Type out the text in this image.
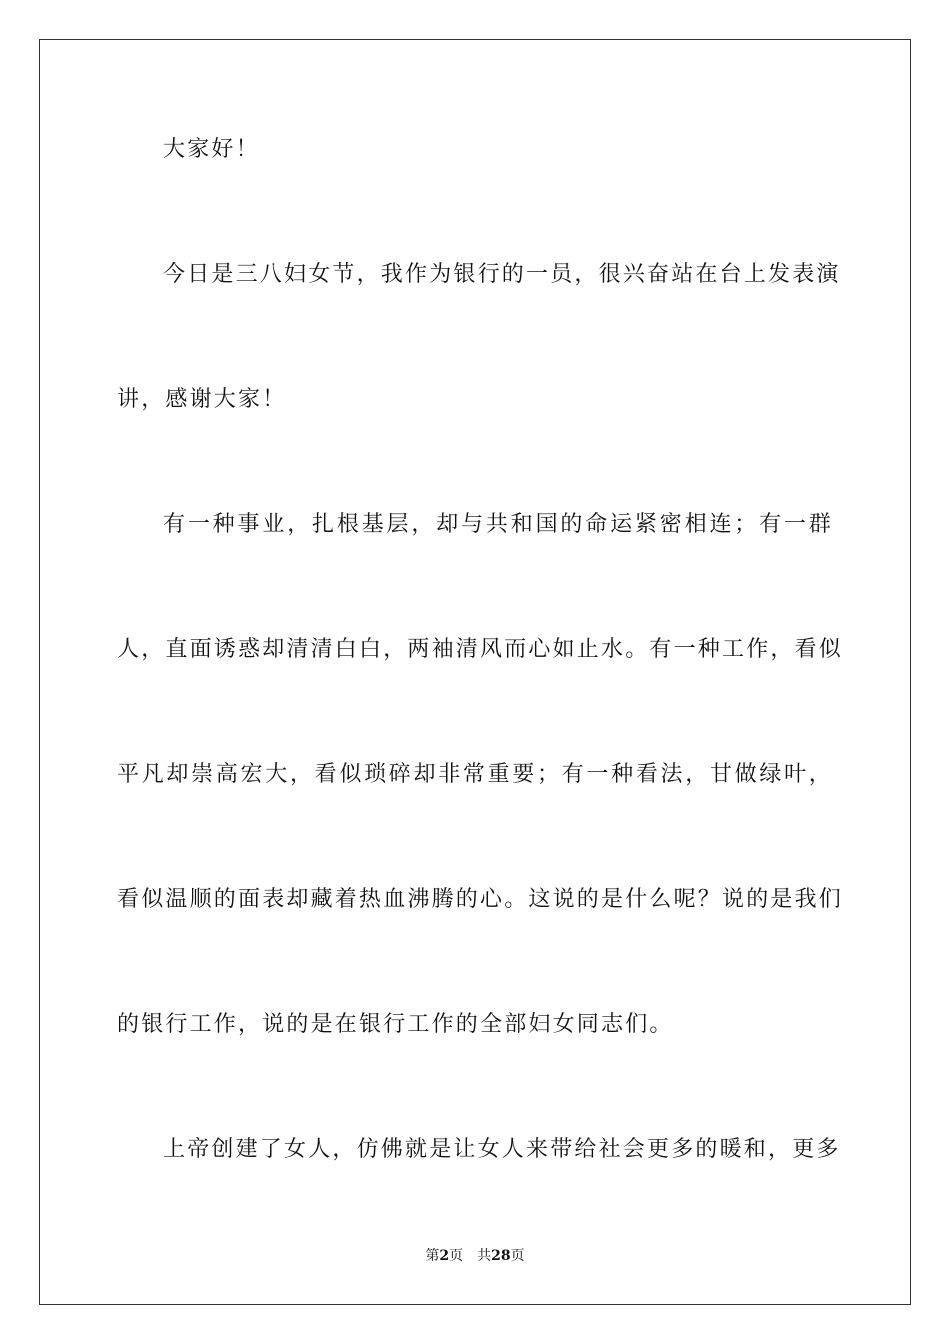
大家好！
今日是三八妇女节，我作为银行的一员，很兴奋站在台上发表演
讲，感谢大家！
有一种事业，扎根基层，却与共和国的命运紧密相连；有一群
人，直面诱惑却清清白白，两袖清风而心如止水。有一种工作，看似
平凡却崇高宏大，看似琐碎却非常重要；有一种看法，甘做绿叶，
看似温顺的面表却藏着热血沸腾的心。这说的是什么呢？说的是我们
的银行工作，说的是在银行工作的全部妇女同志们。
上帝创建了女人，仿佛就是让女人来带给社会更多的暖和，更多
第2页 共28页
